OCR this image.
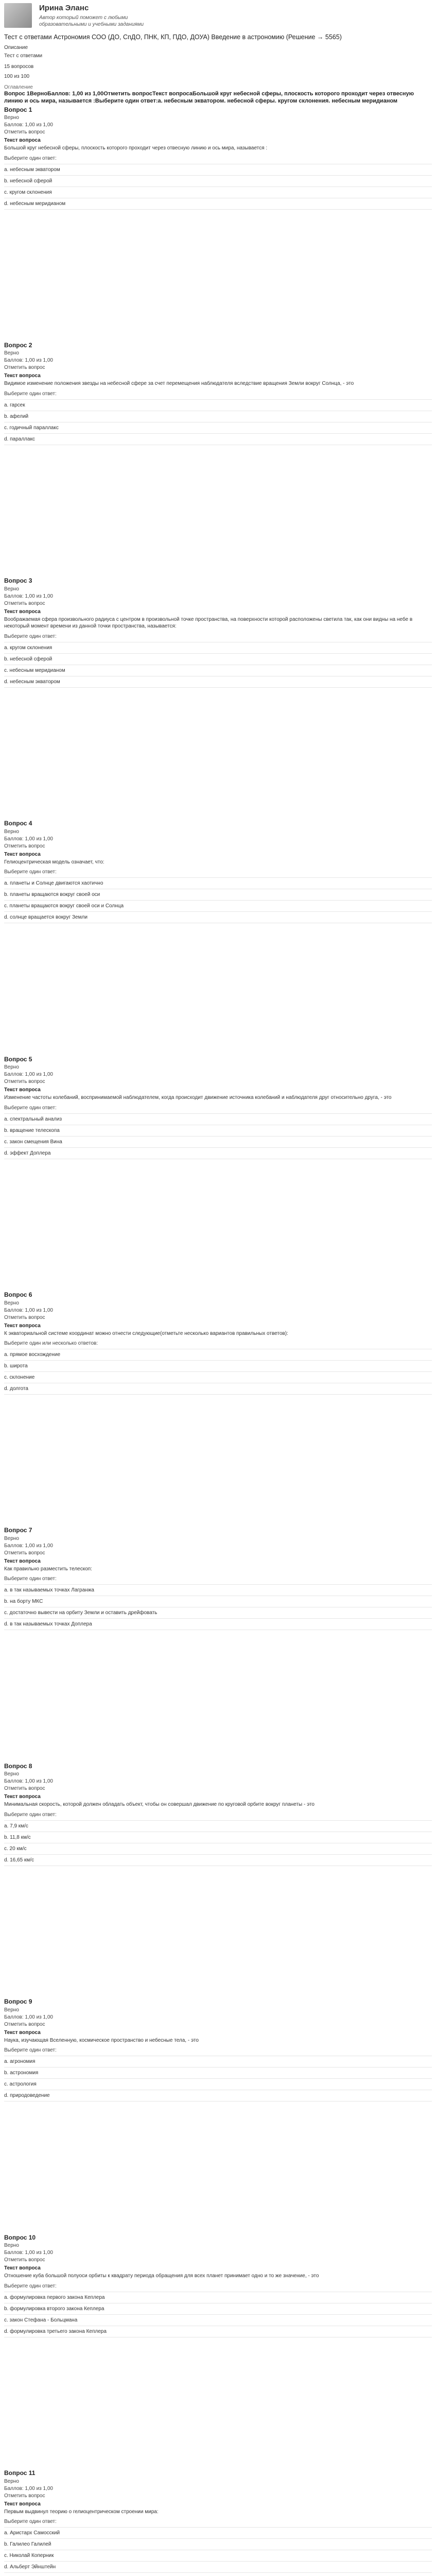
Ирина Эланс
Автор который поможет с любыми образовательными и учебными заданиями
Тест с ответами Астрономия СОО (ДО, СпДО, ПНК, КП, ПДО, ДОУА) Введение в астрономию (Решение → 5565)
Описание
Тест с ответами
15 вопросов
100 из 100
Оглавление
Вопрос 1ВерноБаллов: 1,00 из 1,00Отметить вопросТекст вопросаБольшой круг небесной сферы, плоскость которого проходит через отвесную линию и ось мира, называется :Выберите один ответ:a. небесным экватором. небесной сферы. кругом склонения. небесным меридианом
Вопрос 1
Верно
Баллов: 1,00 из 1,00
Отметить вопрос
Текст вопроса
Большой круг небесной сферы, плоскость которого проходит через отвесную линию и ось мира, называется :
Выберите один ответ:
a. небесным экватором
b. небесной сферой
c. кругом склонения
d. небесным меридианом
Вопрос 2
Верно
Баллов: 1,00 из 1,00
Отметить вопрос
Текст вопроса
Видимое изменение положения звезды на небесной сфере за счет перемещения наблюдателя вследствие вращения Земли вокруг Солнца, - это
Выберите один ответ:
a. гарсек
b. афелий
c. годичный параллакс
d. параллакс
Вопрос 3
Верно
Баллов: 1,00 из 1,00
Отметить вопрос
Текст вопроса
Воображаемая сфера произвольного радиуса с центром в произвольной точке пространства, на поверхности которой расположены светила так, как они видны на небе в некоторый момент времени из данной точки пространства, называется:
Выберите один ответ:
a. кругом склонения
b. небесной сферой
c. небесным меридианом
d. небесным экватором
Вопрос 4
Верно
Баллов: 1,00 из 1,00
Отметить вопрос
Текст вопроса
Гелиоцентрическая модель означает, что:
Выберите один ответ:
a. планеты и Солнце двигаются хаотично
b. планеты вращаются вокруг своей оси
c. планеты вращаются вокруг своей оси и Солнца
d. солнце вращается вокруг Земли
Вопрос 5
Верно
Баллов: 1,00 из 1,00
Отметить вопрос
Текст вопроса
Изменение частоты колебаний, воспринимаемой наблюдателем, когда происходит движение источника колебаний и наблюдателя друг относительно друга, - это
Выберите один ответ:
a. спектральный анализ
b. вращение телескопа
c. закон смещения Вина
d. эффект Доплера
Вопрос 6
Верно
Баллов: 1,00 из 1,00
Отметить вопрос
Текст вопроса
К экваториальной системе координат можно отнести следующие(отметьте несколько вариантов правильных ответов):
Выберите один или несколько ответов:
a. прямое восхождение
b. широта
c. склонение
d. долгота
Вопрос 7
Верно
Баллов: 1,00 из 1,00
Отметить вопрос
Текст вопроса
Как правильно разместить телескоп:
Выберите один ответ:
a. в так называемых точках Лагранжа
b. на борту МКС
c. достаточно вывести на орбиту Земли и оставить дрейфовать
d. в так называемых точках Доплера
Вопрос 8
Верно
Баллов: 1,00 из 1,00
Отметить вопрос
Текст вопроса
Минимальная скорость, которой должен обладать объект, чтобы он совершал движение по круговой орбите вокруг планеты - это
Выберите один ответ:
a. 7,9 км/с
b. 11,8 км/с
c. 20 км/с
d. 16,65 км/с
Вопрос 9
Верно
Баллов: 1,00 из 1,00
Отметить вопрос
Текст вопроса
Наука, изучающая Вселенную, космическое пространство и небесные тела, - это
Выберите один ответ:
a. агрономия
b. астрономия
c. астрология
d. природоведение
Вопрос 10
Верно
Баллов: 1,00 из 1,00
Отметить вопрос
Текст вопроса
Отношение куба большой полуоси орбиты к квадрату периода обращения для всех планет принимает одно и то же значение, - это
Выберите один ответ:
a. формулировка первого закона Кеплера
b. формулировка второго закона Кеплера
c. закон Стефана - Больцмана
d. формулировка третьего закона Кеплера
Вопрос 11
Верно
Баллов: 1,00 из 1,00
Отметить вопрос
Текст вопроса
Первым выдвинул теорию о гелиоцентрическом строении мира:
Выберите один ответ:
a. Аристарх Самосский
b. Галилео Галилей
c. Николай Коперник
d. Альберт Эйнштейн
